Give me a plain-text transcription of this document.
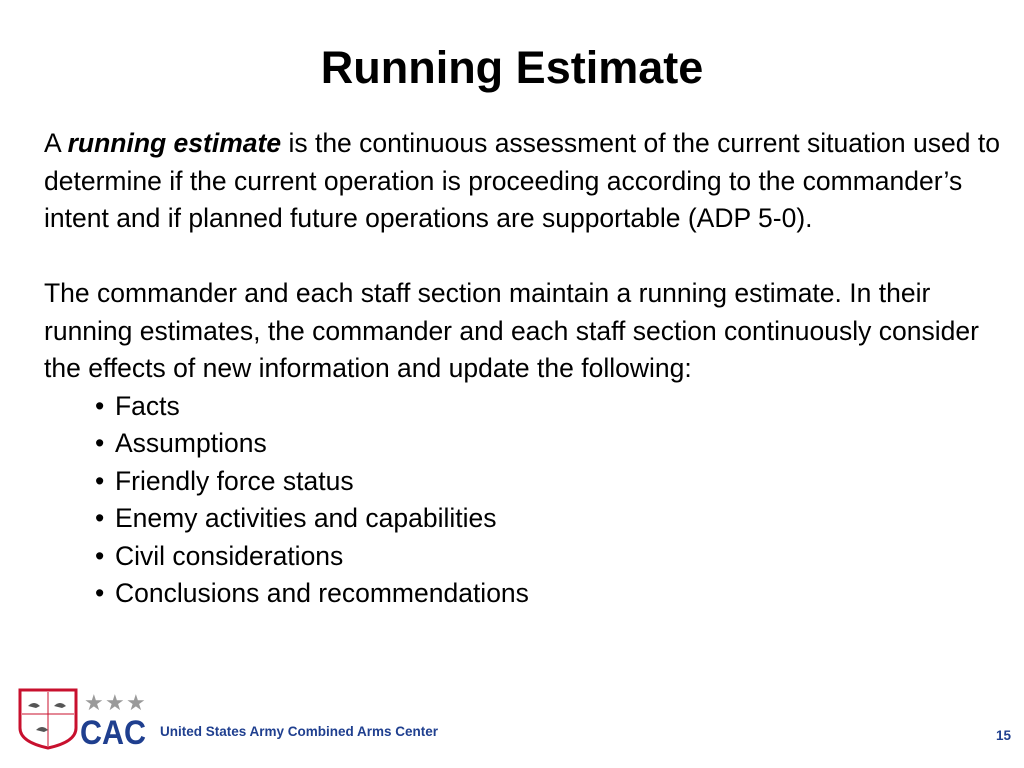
Running Estimate

A running estimate is the continuous assessment of the current situation used to determine if the current operation is proceeding according to the commander’s intent and if planned future operations are supportable (ADP 5-0).

The commander and each staff section maintain a running estimate. In their running estimates, the commander and each staff section continuously consider the effects of new information and update the following:

• Facts
• Assumptions
• Friendly force status
• Enemy activities and capabilities
• Civil considerations
• Conclusions and recommendations
★ ★ ★
CAC United States Army Combined Arms Center	15
